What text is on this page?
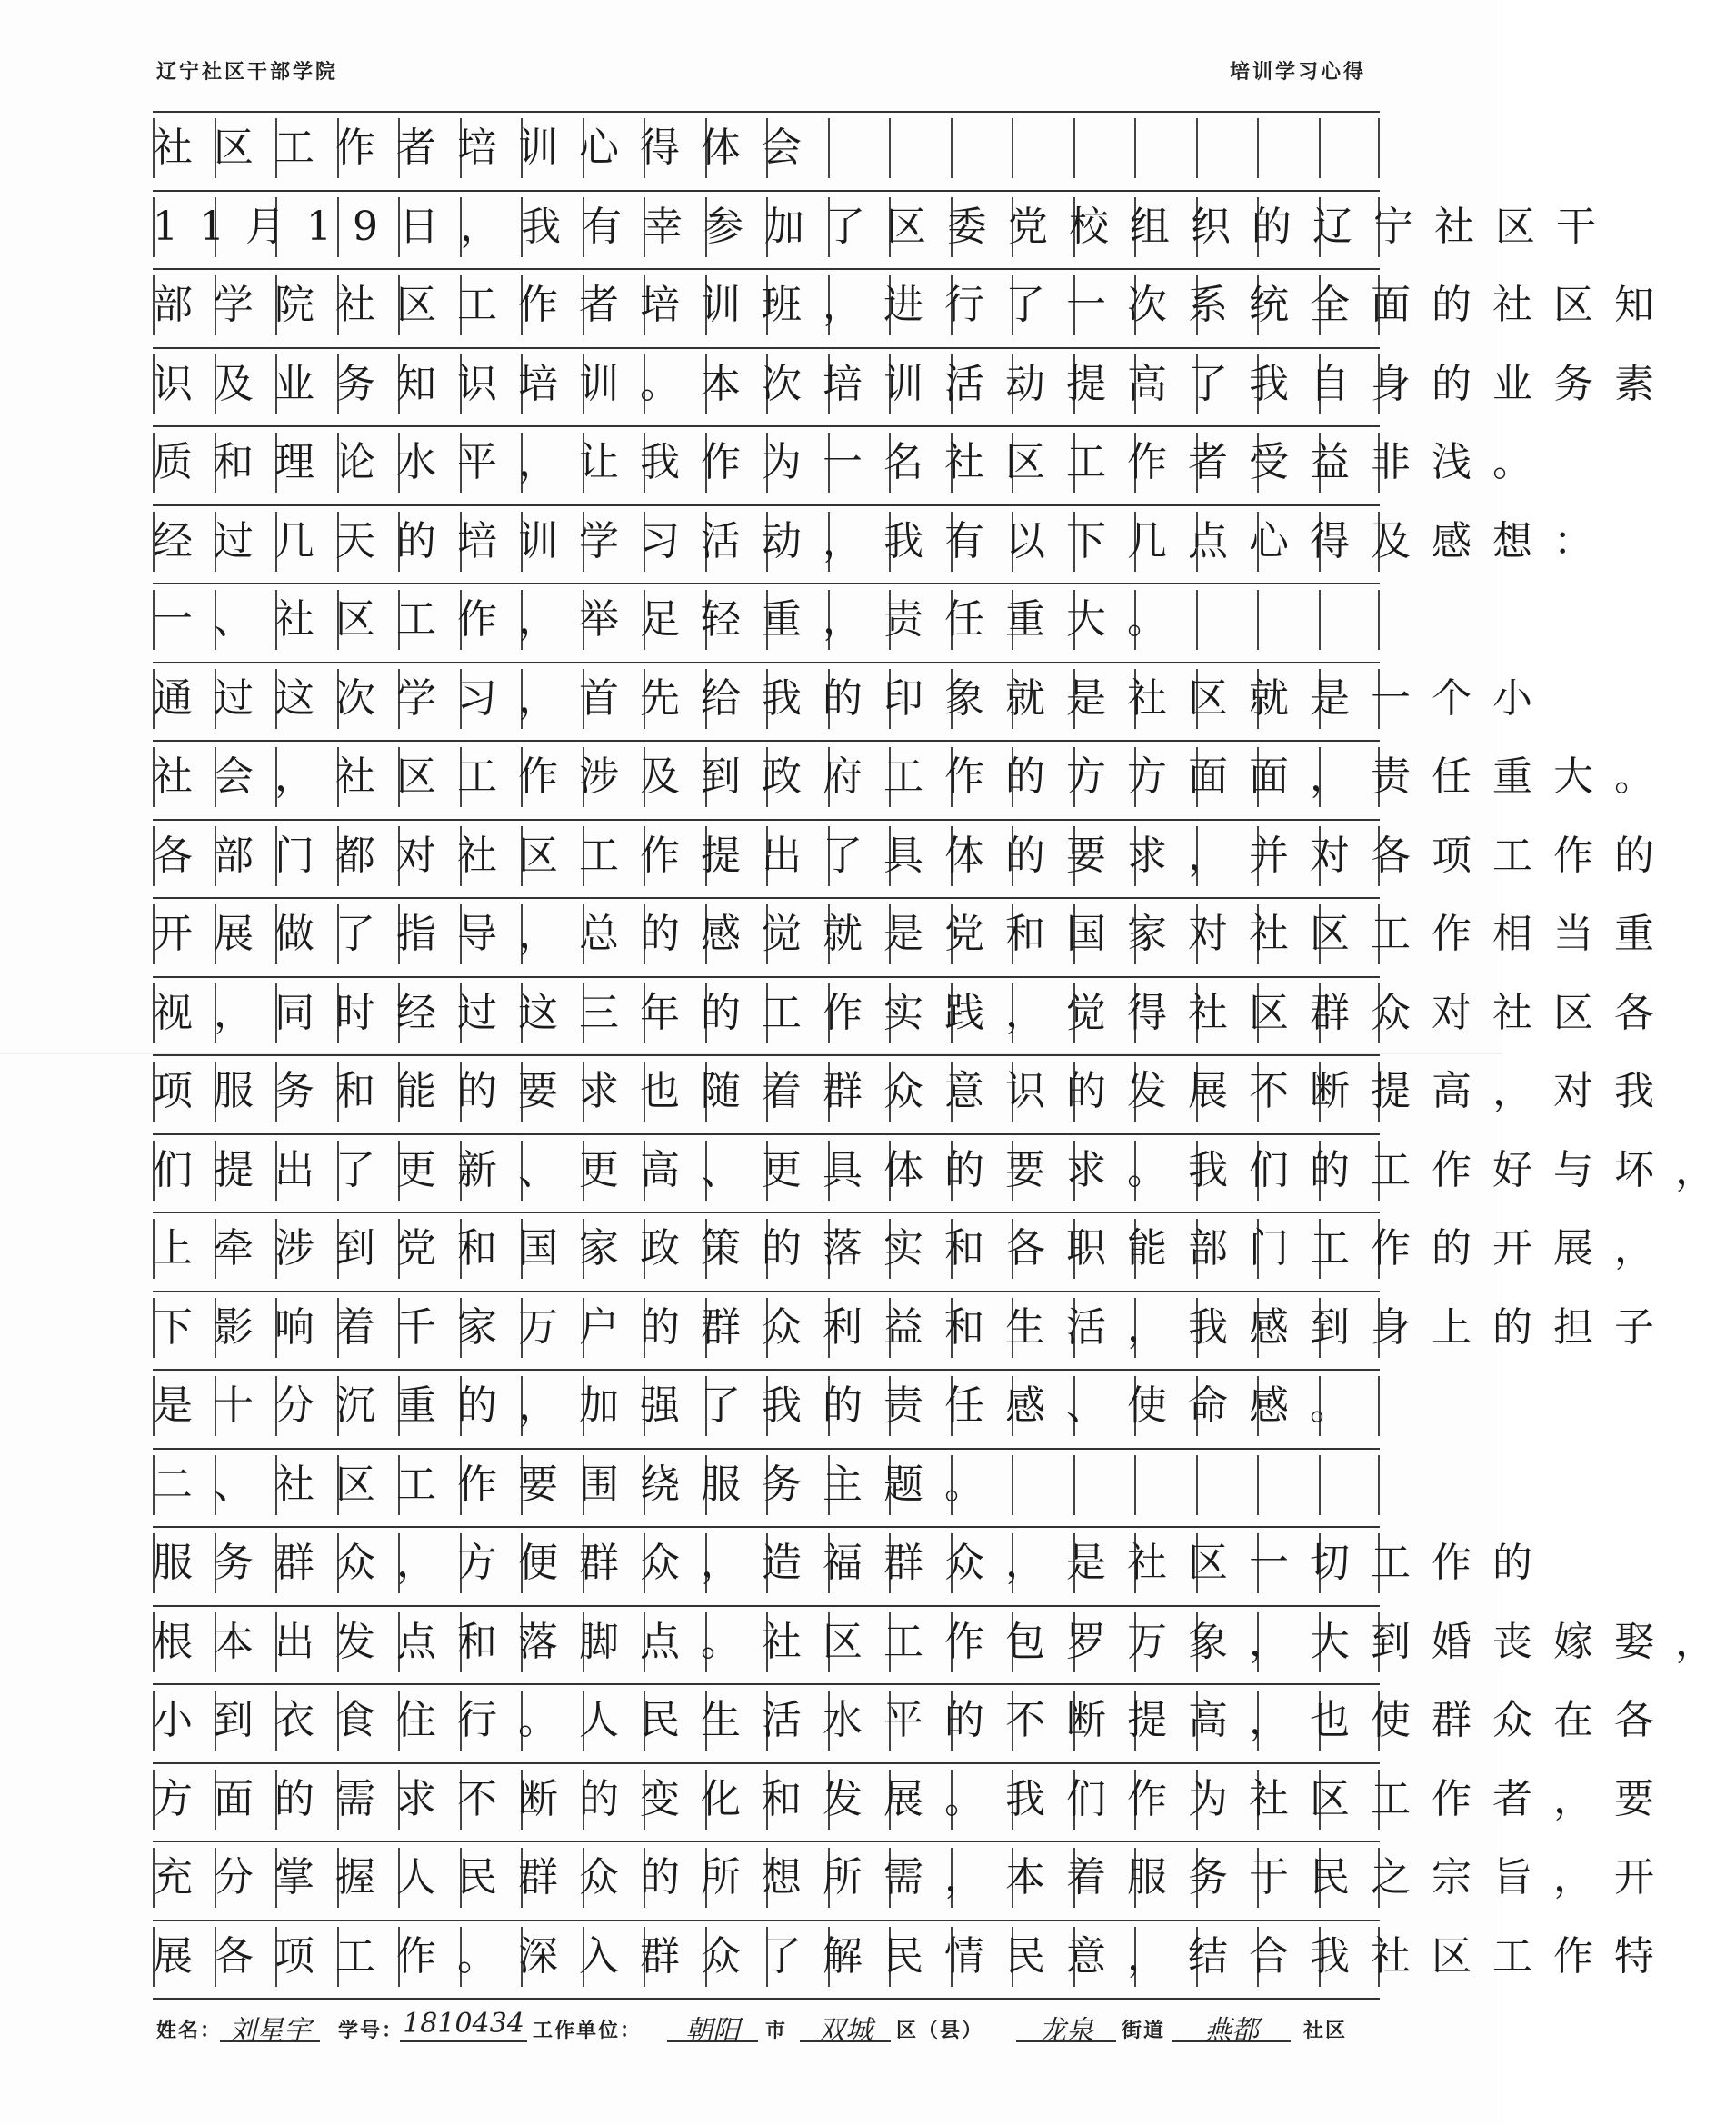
辽宁社区干部学院	培训学习心得
社区工作者培训心得体会
11月19日，我有幸参加了区委党校组织的辽宁社区干
部学院社区工作者培训班，进行了一次系统全面的社区知
识及业务知识培训。本次培训活动提高了我自身的业务素
质和理论水平，让我作为一名社区工作者受益非浅。
经过几天的培训学习活动，我有以下几点心得及感想：
一、社区工作，举足轻重，责任重大。
通过这次学习，首先给我的印象就是社区就是一个小
社会，社区工作涉及到政府工作的方方面面，责任重大。
各部门都对社区工作提出了具体的要求，并对各项工作的
开展做了指导，总的感觉就是党和国家对社区工作相当重
视，同时经过这三年的工作实践，觉得社区群众对社区各
项服务和能的要求也随着群众意识的发展不断提高，对我
们提出了更新、更高、更具体的要求。我们的工作好与坏，
上牵涉到党和国家政策的落实和各职能部门工作的开展，
下影响着千家万户的群众利益和生活，我感到身上的担子
是十分沉重的，加强了我的责任感、使命感。
二、社区工作要围绕服务主题。
服务群众，方便群众，造福群众，是社区一切工作的
根本出发点和落脚点。社区工作包罗万象，大到婚丧嫁娶，
小到衣食住行。人民生活水平的不断提高，也使群众在各
方面的需求不断的变化和发展。我们作为社区工作者，要
充分掌握人民群众的所想所需，本着服务于民之宗旨，开
展各项工作。深入群众了解民情民意，结合我社区工作特
姓名： 刘星宇	学号： 1810434 工作单位：	朝阳	市	双城	区（县）	龙泉	街道	燕都	社区
